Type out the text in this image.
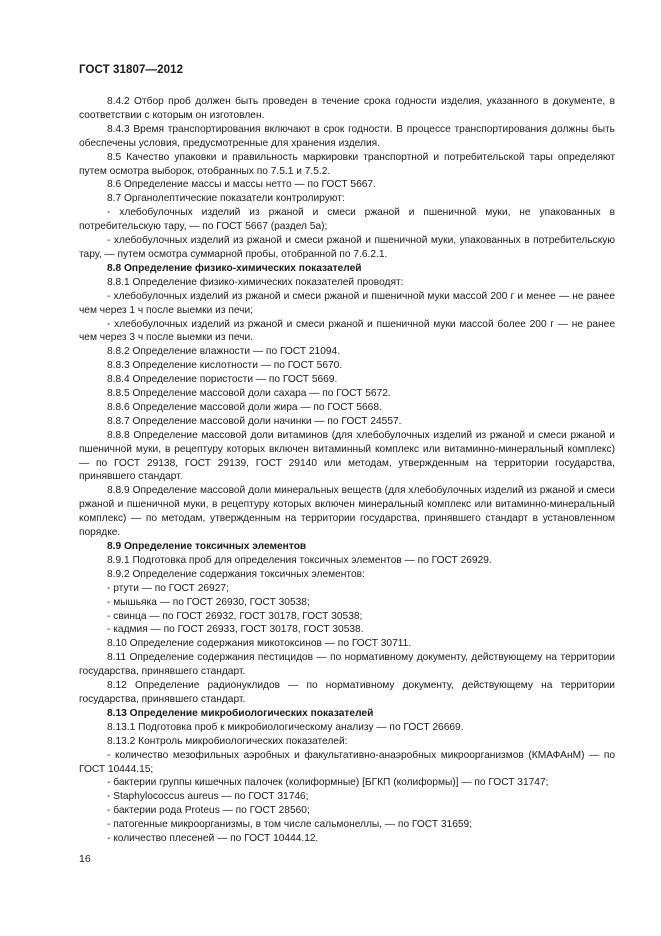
ГОСТ 31807—2012

8.4.2 Отбор проб должен быть проведен в течение срока годности изделия, указанного в документе, в соответствии с которым он изготовлен.

8.4.3 Время транспортирования включают в срок годности. В процессе транспортирования должны быть обеспечены условия, предусмотренные для хранения изделия.

8.5 Качество упаковки и правильность маркировки транспортной и потребительской тары определяют путем осмотра выборок, отобранных по 7.5.1 и 7.5.2.

8.6 Определение массы и массы нетто — по ГОСТ 5667.

8.7 Органолептические показатели контролируют:

- хлебобулочных изделий из ржаной и смеси ржаной и пшеничной муки, не упакованных в потребительскую тару, — по ГОСТ 5667 (раздел 5а);

- хлебобулочных изделий из ржаной и смеси ржаной и пшеничной муки, упакованных в потребительскую тару, — путем осмотра суммарной пробы, отобранной по 7.6.2.1.

8.8 Определение физико-химических показателей

8.8.1 Определение физико-химических показателей проводят:

- хлебобулочных изделий из ржаной и смеси ржаной и пшеничной муки массой 200 г и менее — не ранее чем через 1 ч после выемки из печи;

- хлебобулочных изделий из ржаной и смеси ржаной и пшеничной муки массой более 200 г — не ранее чем через 3 ч после выемки из печи.

8.8.2 Определение влажности — по ГОСТ 21094.

8.8.3 Определение кислотности — по ГОСТ 5670.

8.8.4 Определение пористости — по ГОСТ 5669.

8.8.5 Определение массовой доли сахара — по ГОСТ 5672.

8.8.6 Определение массовой доли жира — по ГОСТ 5668.

8.8.7 Определение массовой доли начинки — по ГОСТ 24557.

8.8.8 Определение массовой доли витаминов (для хлебобулочных изделий из ржаной и смеси ржаной и пшеничной муки, в рецептуру которых включен витаминный комплекс или витаминно-минеральный комплекс) — по ГОСТ 29138, ГОСТ 29139, ГОСТ 29140 или методам, утвержденным на территории государства, принявшего стандарт.

8.8.9 Определение массовой доли минеральных веществ (для хлебобулочных изделий из ржаной и смеси ржаной и пшеничной муки, в рецептуру которых включен минеральный комплекс или витаминно-минеральный комплекс) — по методам, утвержденным на территории государства, принявшего стандарт в установленном порядке.

8.9 Определение токсичных элементов

8.9.1 Подготовка проб для определения токсичных элементов — по ГОСТ 26929.

8.9.2 Определение содержания токсичных элементов:

- ртути — по ГОСТ 26927;

- мышьяка — по ГОСТ 26930, ГОСТ 30538;

- свинца — по ГОСТ 26932, ГОСТ 30178, ГОСТ 30538;

- кадмия — по ГОСТ 26933, ГОСТ 30178, ГОСТ 30538.

8.10 Определение содержания микотоксинов — по ГОСТ 30711.

8.11 Определение содержания пестицидов — по нормативному документу, действующему на территории государства, принявшего стандарт.

8.12 Определение радионуклидов — по нормативному документу, действующему на территории государства, принявшего стандарт.

8.13 Определение микробиологических показателей

8.13.1 Подготовка проб к микробиологическому анализу — по ГОСТ 26669.

8.13.2 Контроль микробиологических показателей:

- количество мезофильных аэробных и факультативно-анаэробных микроорганизмов (КМАФАнМ) — по ГОСТ 10444.15;

- бактерии группы кишечных палочек (колиформные) [БГКП (колиформы)] — по ГОСТ 31747;

- Staphylococcus aureus — по ГОСТ 31746;

- бактерии рода Proteus — по ГОСТ 28560;

- патогенные микроорганизмы, в том числе сальмонеллы, — по ГОСТ 31659;

- количество плесеней — по ГОСТ 10444.12.

16
